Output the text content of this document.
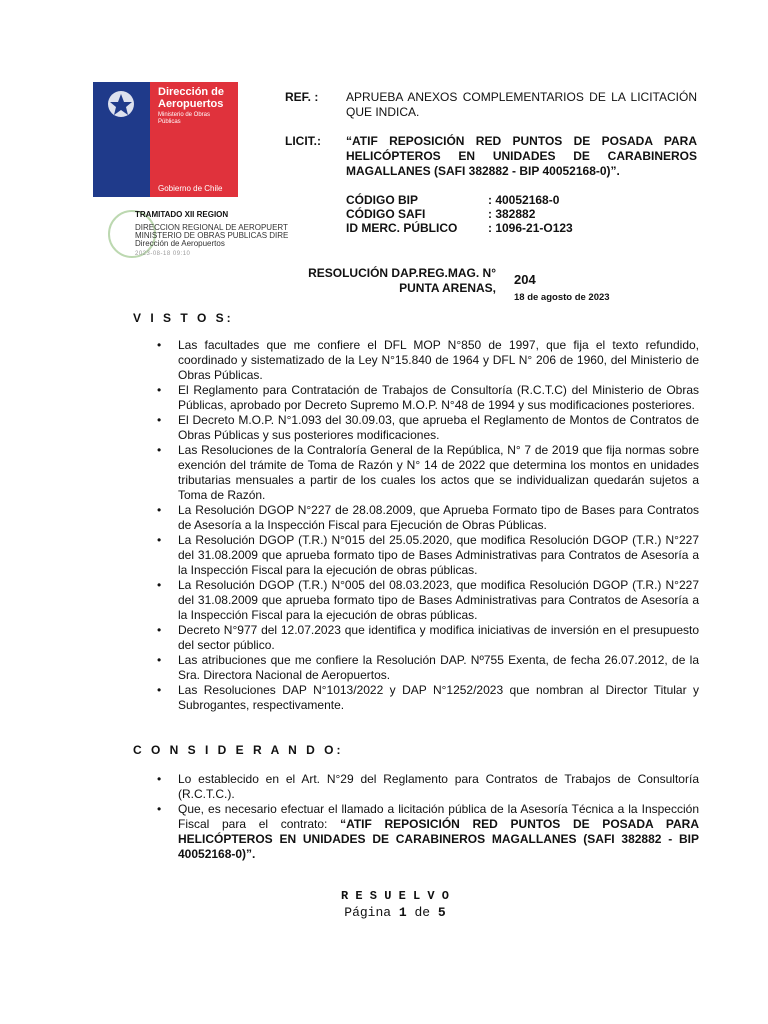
Dirección de Aeropuertos
Ministerio de Obras Públicas
Gobierno de Chile
TRAMITADO XII REGION
DIRECCION REGIONAL DE AEROPUERT
MINISTERIO DE OBRAS PUBLICAS DIRE
Dirección de Aeropuertos
2023-08-18 09:10
REF. : APRUEBA ANEXOS COMPLEMENTARIOS DE LA LICITACIÓN QUE INDICA.
LICIT.: “ATIF REPOSICIÓN RED PUNTOS DE POSADA PARA HELICÓPTEROS EN UNIDADES DE CARABINEROS MAGALLANES (SAFI 382882 - BIP 40052168-0)”.
CÓDIGO BIP	: 40052168-0
CÓDIGO SAFI	: 382882
ID MERC. PÚBLICO	: 1096-21-O123
RESOLUCIÓN DAP.REG.MAG. N°
PUNTA ARENAS,
204
18 de agosto de 2023
V I S T O S:
• Las facultades que me confiere el DFL MOP N°850 de 1997, que fija el texto refundido, coordinado y sistematizado de la Ley N°15.840 de 1964 y DFL N° 206 de 1960, del Ministerio de Obras Públicas.
• El Reglamento para Contratación de Trabajos de Consultoría (R.C.T.C) del Ministerio de Obras Públicas, aprobado por Decreto Supremo M.O.P. N°48 de 1994 y sus modificaciones posteriores.
• El Decreto M.O.P. N°1.093 del 30.09.03, que aprueba el Reglamento de Montos de Contratos de Obras Públicas y sus posteriores modificaciones.
• Las Resoluciones de la Contraloría General de la República, N° 7 de 2019 que fija normas sobre exención del trámite de Toma de Razón y N° 14 de 2022 que determina los montos en unidades tributarias mensuales a partir de los cuales los actos que se individualizan quedarán sujetos a Toma de Razón.
• La Resolución DGOP N°227 de 28.08.2009, que Aprueba Formato tipo de Bases para Contratos de Asesoría a la Inspección Fiscal para Ejecución de Obras Públicas.
• La Resolución DGOP (T.R.) N°015 del 25.05.2020, que modifica Resolución DGOP (T.R.) N°227 del 31.08.2009 que aprueba formato tipo de Bases Administrativas para Contratos de Asesoría a la Inspección Fiscal para la ejecución de obras públicas.
• La Resolución DGOP (T.R.) N°005 del 08.03.2023, que modifica Resolución DGOP (T.R.) N°227 del 31.08.2009 que aprueba formato tipo de Bases Administrativas para Contratos de Asesoría a la Inspección Fiscal para la ejecución de obras públicas.
• Decreto N°977 del 12.07.2023 que identifica y modifica iniciativas de inversión en el presupuesto del sector público.
• Las atribuciones que me confiere la Resolución DAP. Nº755 Exenta, de fecha 26.07.2012, de la Sra. Directora Nacional de Aeropuertos.
• Las Resoluciones DAP N°1013/2022 y DAP N°1252/2023 que nombran al Director Titular y Subrogantes, respectivamente.
C O N S I D E R A N D O:
• Lo establecido en el Art. N°29 del Reglamento para Contratos de Trabajos de Consultoría (R.C.T.C.).
• Que, es necesario efectuar el llamado a licitación pública de la Asesoría Técnica a la Inspección Fiscal para el contrato: “ATIF REPOSICIÓN RED PUNTOS DE POSADA PARA HELICÓPTEROS EN UNIDADES DE CARABINEROS MAGALLANES (SAFI 382882 - BIP 40052168-0)”.
R E S U E L V O
Página 1 de 5
